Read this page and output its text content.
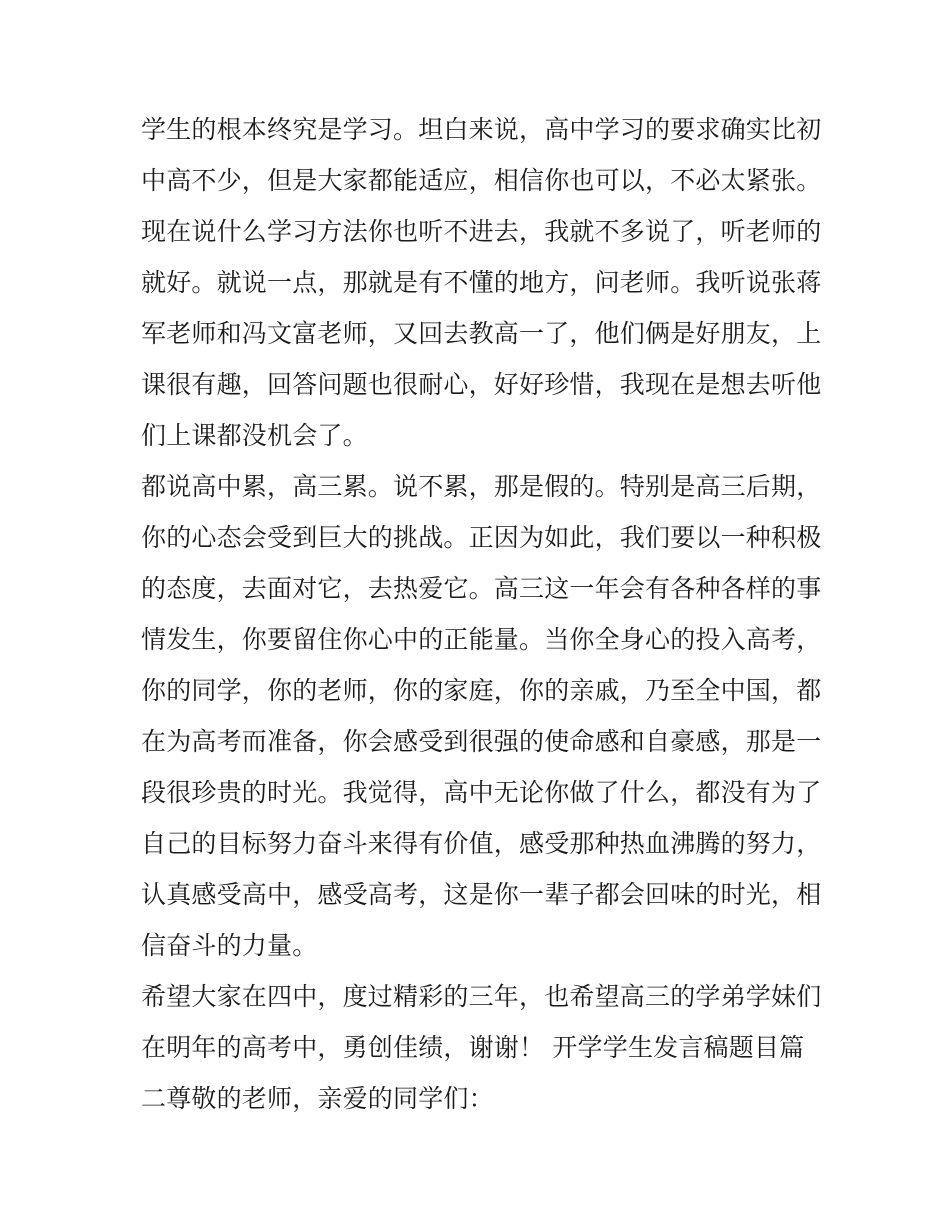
学生的根本终究是学习。坦白来说，高中学习的要求确实比初
中高不少，但是大家都能适应，相信你也可以，不必太紧张。
现在说什么学习方法你也听不进去，我就不多说了，听老师的
就好。就说一点，那就是有不懂的地方，问老师。我听说张蒋
军老师和冯文富老师，又回去教高一了，他们俩是好朋友，上
课很有趣，回答问题也很耐心，好好珍惜，我现在是想去听他
们上课都没机会了。
都说高中累，高三累。说不累，那是假的。特别是高三后期，
你的心态会受到巨大的挑战。正因为如此，我们要以一种积极
的态度，去面对它，去热爱它。高三这一年会有各种各样的事
情发生，你要留住你心中的正能量。当你全身心的投入高考，
你的同学，你的老师，你的家庭，你的亲戚，乃至全中国，都
在为高考而准备，你会感受到很强的使命感和自豪感，那是一
段很珍贵的时光。我觉得，高中无论你做了什么，都没有为了
自己的目标努力奋斗来得有价值，感受那种热血沸腾的努力，
认真感受高中，感受高考，这是你一辈子都会回味的时光，相
信奋斗的力量。
希望大家在四中，度过精彩的三年，也希望高三的学弟学妹们
在明年的高考中，勇创佳绩，谢谢！ 开学学生发言稿题目篇
二尊敬的老师，亲爱的同学们：
